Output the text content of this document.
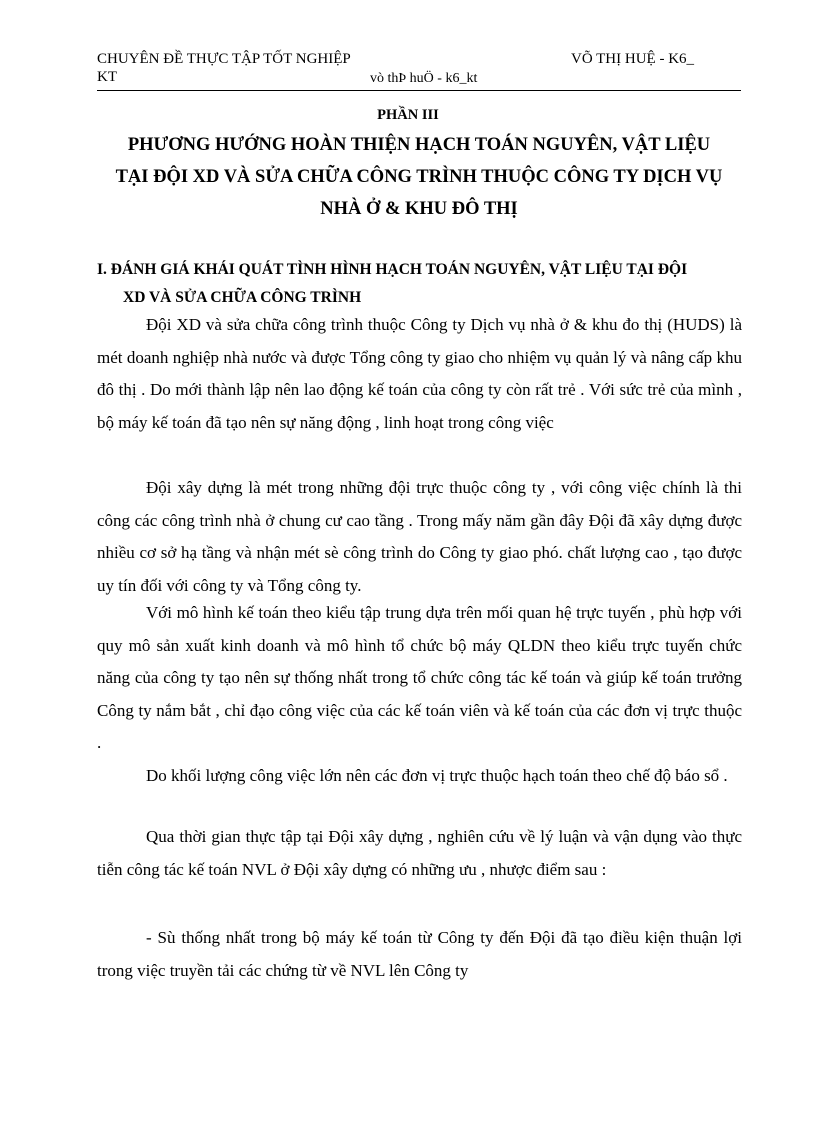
CHUYÊN ĐỀ THỰC TẬP TỐT NGHIỆP	VÕ THỊ HUỆ - K6_
KT	vò thÞ huÖ - k6_kt
PHẦN III
PHƯƠNG HƯỚNG HOÀN THIỆN HẠCH TOÁN NGUYÊN, VẬT LIỆU
TẠI ĐỘI XD VÀ SỬA CHỮA CÔNG TRÌNH THUỘC CÔNG TY DỊCH VỤ
NHÀ Ở & KHU ĐÔ THỊ
I. ĐÁNH GIÁ KHÁI QUÁT TÌNH HÌNH HẠCH TOÁN NGUYÊN, VẬT LIỆU TẠI ĐỘI
XD VÀ SỬA CHỮA CÔNG TRÌNH

Đội XD và sửa chữa công trình thuộc Công ty Dịch vụ nhà ở & khu đo thị (HUDS) là mét doanh nghiệp nhà nước và được Tổng công ty giao cho nhiệm vụ quản lý và nâng cấp khu đô thị . Do mới thành lập nên lao động kế toán của công ty còn rất trẻ . Với sức trẻ của mình , bộ máy kế toán đã tạo nên sự năng động , linh hoạt trong công việc

Đội xây dựng là mét trong những đội trực thuộc công ty , với công việc chính là thi công các công trình nhà ở chung cư cao tầng . Trong mấy năm gần đây Đội đã xây dựng được nhiều cơ sở hạ tầng và nhận mét sè công trình do Công ty giao phó. chất lượng cao , tạo được uy tín đối với công ty và Tổng công ty.

Với mô hình kế toán theo kiểu tập trung dựa trên mối quan hệ trực tuyến , phù hợp với quy mô sản xuất kinh doanh và mô hình tổ chức bộ máy QLDN theo kiểu trực tuyến chức năng của công ty tạo nên sự thống nhất trong tổ chức công tác kế toán và giúp kế toán trưởng Công ty nắm bắt , chỉ đạo công việc của các kế toán viên và kế toán của các đơn vị trực thuộc .

Do khối lượng công việc lớn nên các đơn vị trực thuộc hạch toán theo chế độ báo sổ .

Qua thời gian thực tập tại Đội xây dựng , nghiên cứu về lý luận và vận dụng vào thực tiễn công tác kế toán NVL ở Đội xây dựng có những ưu , nhược điểm sau :

- Sù thống nhất trong bộ máy kế toán từ Công ty đến Đội đã tạo điều kiện thuận lợi trong việc truyền tải các chứng từ về NVL lên Công ty
